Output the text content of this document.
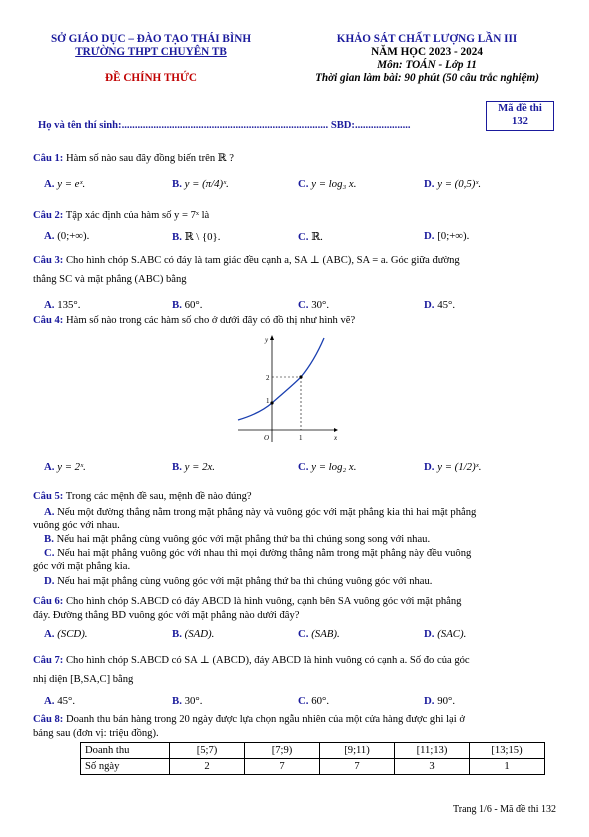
SỞ GIÁO DỤC – ĐÀO TẠO THÁI BÌNH
TRƯỜNG THPT CHUYÊN TB
ĐỀ CHÍNH THỨC
KHẢO SÁT CHẤT LƯỢNG LẦN III
NĂM HỌC 2023 - 2024
Môn: TOÁN - Lớp 11
Thời gian làm bài: 90 phút (50 câu trắc nghiệm)
Mã đề thi
132
Họ và tên thí sinh:.............................................................................. SBD:.....................
Câu 1: Hàm số nào sau đây đồng biến trên ℝ ?
A. y = eˣ.	B. y = (π/4)ˣ.	C. y = log₃ x.	D. y = (0,5)ˣ.
Câu 2: Tập xác định của hàm số y = 7ˣ là
A. (0;+∞).	B. ℝ \ {0}.	C. ℝ.	D. [0;+∞).
Câu 3: Cho hình chóp S.ABC có đáy là tam giác đều cạnh a, SA ⊥ (ABC), SA = a. Góc giữa đường
thẳng SC và mặt phẳng (ABC) bằng
A. 135°.	B. 60°.	C. 30°.	D. 45°.
Câu 4: Hàm số nào trong các hàm số cho ở dưới đây có đồ thị như hình vẽ?
y
x
O	1
1
2
A. y = 2ˣ.	B. y = 2x.	C. y = log₂ x.	D. y = (1/2)ˣ.
Câu 5: Trong các mệnh đề sau, mệnh đề nào đúng?
A. Nếu một đường thẳng nằm trong mặt phẳng này và vuông góc với mặt phẳng kia thì hai mặt phẳng
vuông góc với nhau.
B. Nếu hai mặt phẳng cùng vuông góc với mặt phẳng thứ ba thì chúng song song với nhau.
C. Nếu hai mặt phẳng vuông góc với nhau thì mọi đường thẳng nằm trong mặt phẳng này đều vuông
góc với mặt phẳng kia.
D. Nếu hai mặt phẳng cùng vuông góc với mặt phẳng thứ ba thì chúng vuông góc với nhau.
Câu 6: Cho hình chóp S.ABCD có đáy ABCD là hình vuông, cạnh bên SA vuông góc với mặt phẳng
đáy. Đường thẳng BD vuông góc với mặt phẳng nào dưới đây?
A. (SCD).	B. (SAD).	C. (SAB).	D. (SAC).
Câu 7: Cho hình chóp S.ABCD có SA ⊥ (ABCD), đáy ABCD là hình vuông có cạnh a. Số đo của góc
nhị diện [B,SA,C] bằng
A. 45°.	B. 30°.	C. 60°.	D. 90°.
Câu 8: Doanh thu bán hàng trong 20 ngày được lựa chọn ngẫu nhiên của một cửa hàng được ghi lại ở
bảng sau (đơn vị: triệu đồng).
Doanh thu	[5;7)	[7;9)	[9;11)	[11;13)	[13;15)
Số ngày	2	7	7	3	1
Trang 1/6 - Mã đề thi 132
